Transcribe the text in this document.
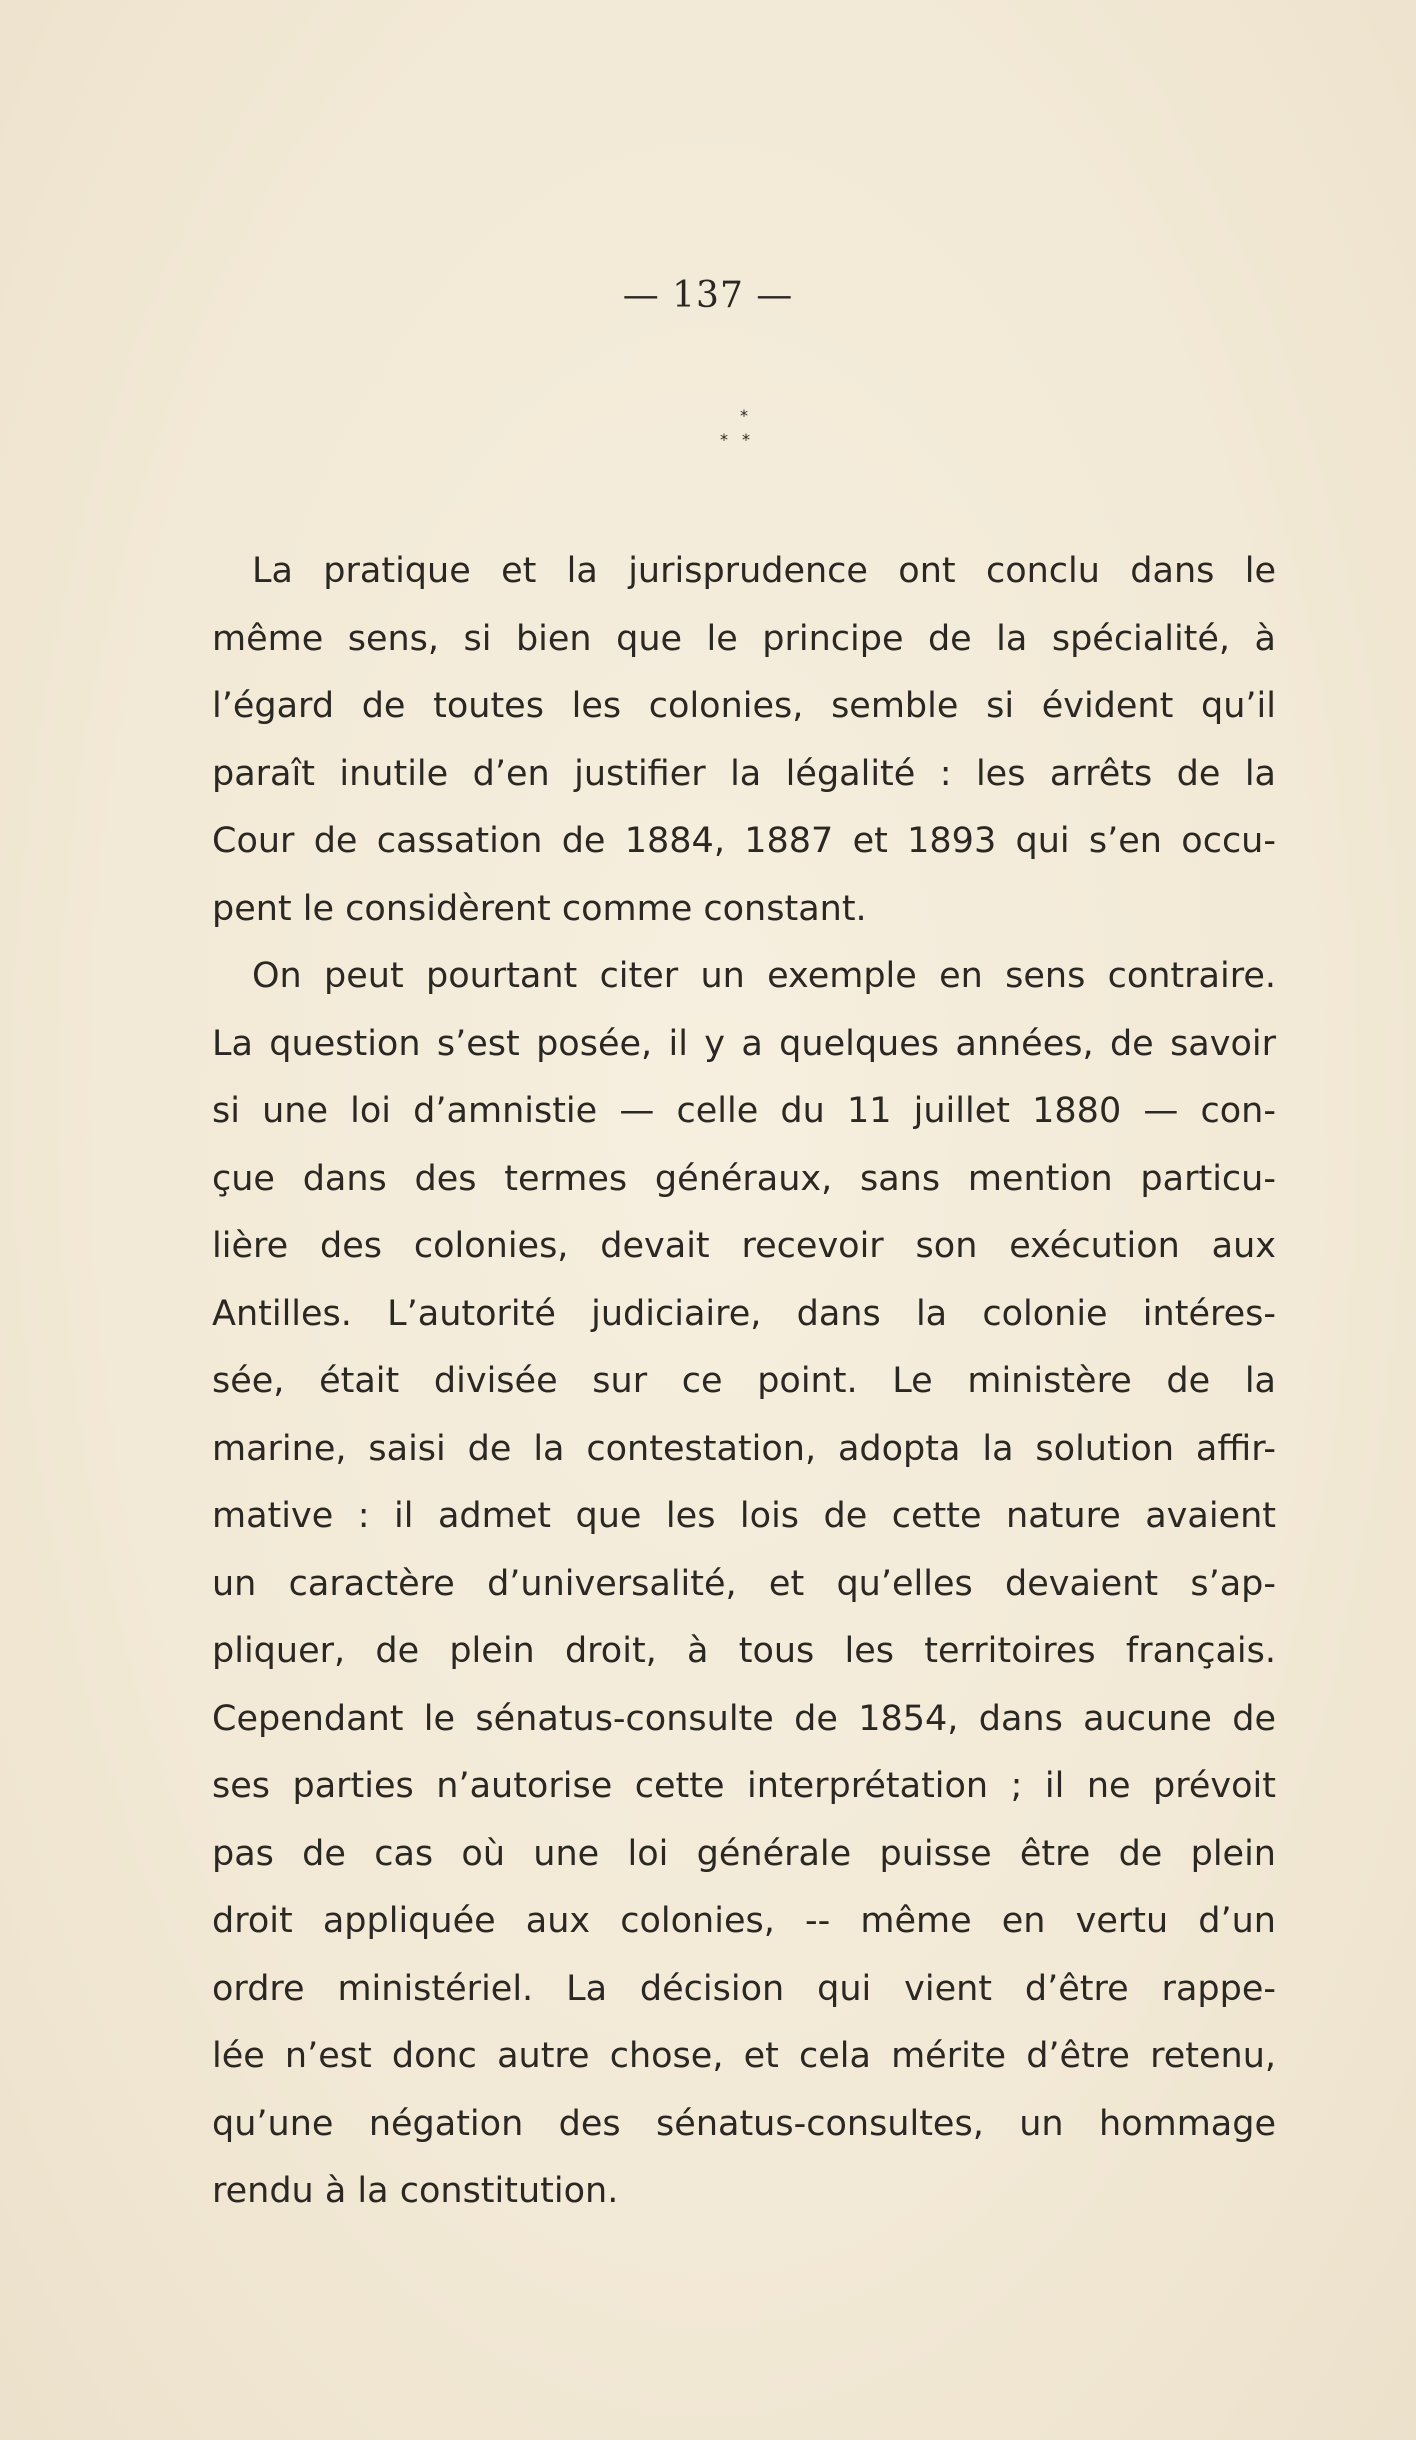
— 137 —
*
* *
La pratique et la jurisprudence ont conclu dans le
même sens, si bien que le principe de la spécialité, à
l’égard de toutes les colonies, semble si évident qu’il
paraît inutile d’en justifier la légalité : les arrêts de la
Cour de cassation de 1884, 1887 et 1893 qui s’en occu-
pent le considèrent comme constant.
On peut pourtant citer un exemple en sens contraire.
La question s’est posée, il y a quelques années, de savoir
si une loi d’amnistie — celle du 11 juillet 1880 — con-
çue dans des termes généraux, sans mention particu-
lière des colonies, devait recevoir son exécution aux
Antilles. L’autorité judiciaire, dans la colonie intéres-
sée, était divisée sur ce point. Le ministère de la
marine, saisi de la contestation, adopta la solution affir-
mative : il admet que les lois de cette nature avaient
un caractère d’universalité, et qu’elles devaient s’ap-
pliquer, de plein droit, à tous les territoires français.
Cependant le sénatus-consulte de 1854, dans aucune de
ses parties n’autorise cette interprétation ; il ne prévoit
pas de cas où une loi générale puisse être de plein
droit appliquée aux colonies, -- même en vertu d’un
ordre ministériel. La décision qui vient d’être rappe-
lée n’est donc autre chose, et cela mérite d’être retenu,
qu’une négation des sénatus-consultes, un hommage
rendu à la constitution.
